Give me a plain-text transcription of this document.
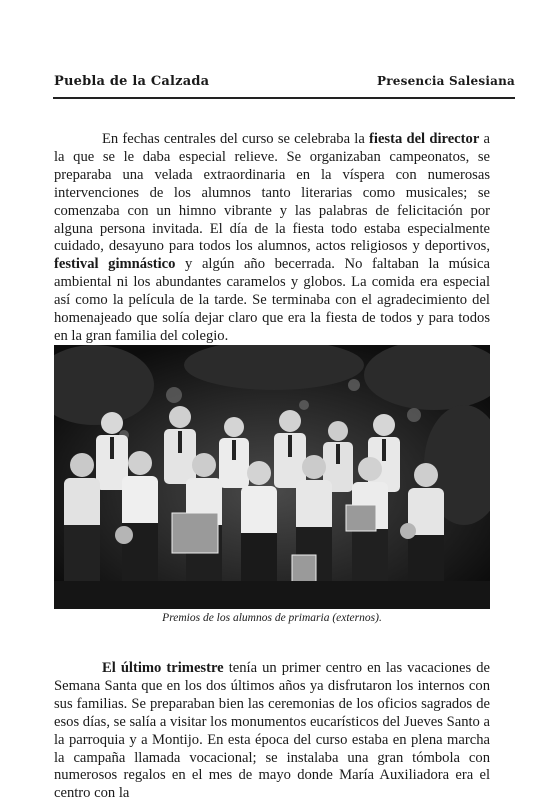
Puebla de la Calzada	Presencia Salesiana

En fechas centrales del curso se celebraba la fiesta del director a la que se le daba especial relieve. Se organizaban campeonatos, se preparaba una velada extraordinaria en la víspera con numerosas intervenciones de los alumnos tanto literarias como musicales; se comenzaba con un himno vibrante y las palabras de felicitación por alguna persona invitada. El día de la fiesta todo estaba especialmente cuidado, desayuno para todos los alumnos, actos religiosos y deportivos, festival gimnástico y algún año becerrada. No faltaban la música ambiental ni los abundantes caramelos y globos. La comida era especial así como la película de la tarde. Se terminaba con el agradecimiento del homenajeado que solía dejar claro que era la fiesta de todos y para todos en la gran familia del colegio.

Premios de los alumnos de primaria (externos).

El último trimestre tenía un primer centro en las vacaciones de Semana Santa que en los dos últimos años ya disfrutaron los internos con sus familias. Se preparaban bien las ceremonias de los oficios sagrados de esos días, se salía a visitar los monumentos eucarísticos del Jueves Santo a la parroquia y a Montijo. En esta época del curso estaba en plena marcha la campaña llamada vocacional; se instalaba una gran tómbola con numerosos regalos en el mes de mayo donde María Auxiliadora era el centro con la
